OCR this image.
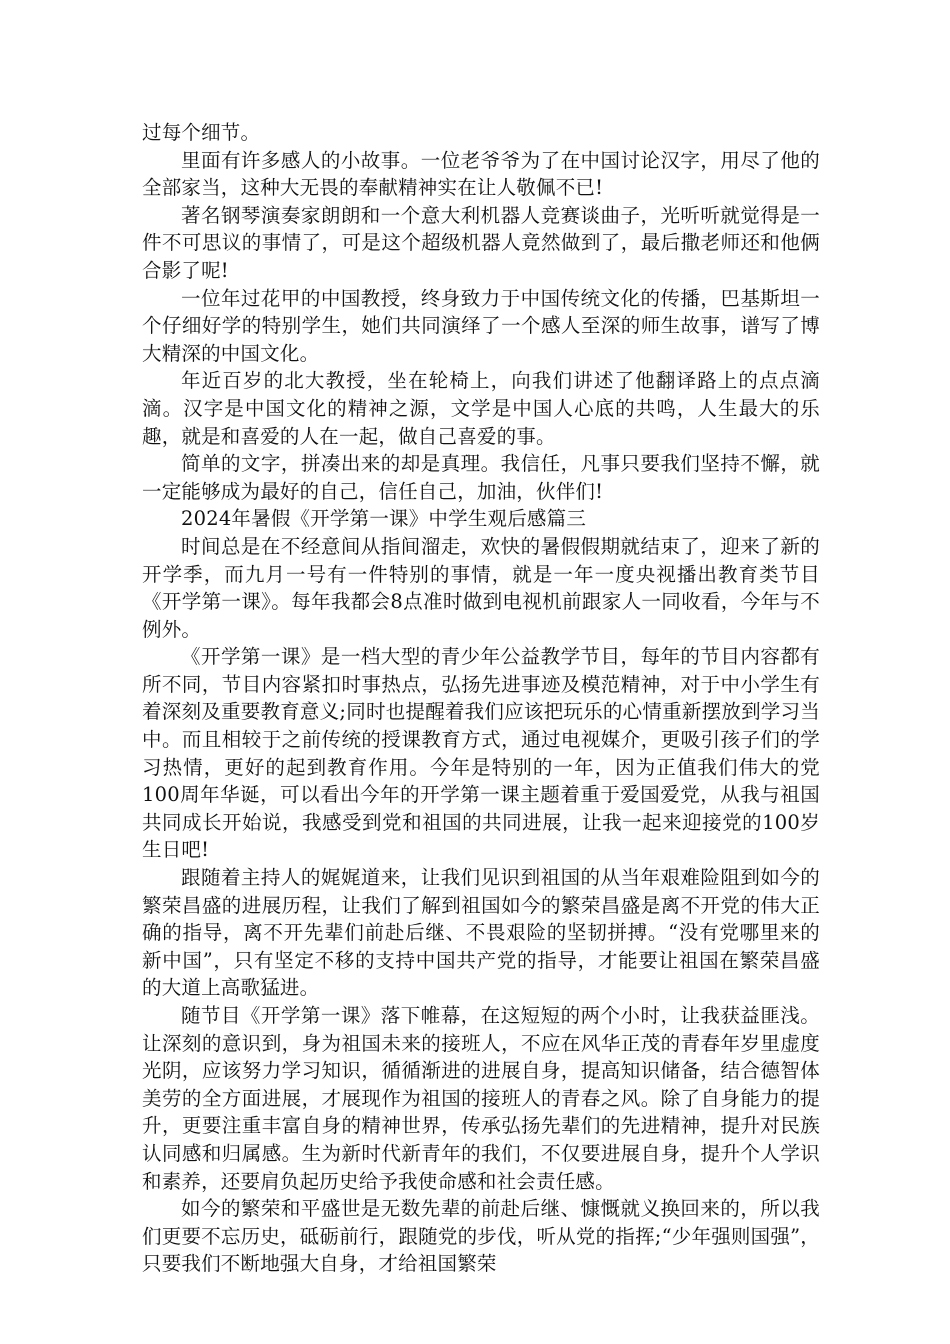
过每个细节。

里面有许多感人的小故事。一位老爷爷为了在中国讨论汉字，用尽了他的全部家当，这种大无畏的奉献精神实在让人敬佩不已!

著名钢琴演奏家朗朗和一个意大利机器人竞赛谈曲子，光听听就觉得是一件不可思议的事情了，可是这个超级机器人竟然做到了，最后撒老师还和他俩合影了呢!

一位年过花甲的中国教授，终身致力于中国传统文化的传播，巴基斯坦一个仔细好学的特别学生，她们共同演绎了一个感人至深的师生故事，谱写了博大精深的中国文化。

年近百岁的北大教授，坐在轮椅上，向我们讲述了他翻译路上的点点滴滴。汉字是中国文化的精神之源，文学是中国人心底的共鸣，人生最大的乐趣，就是和喜爱的人在一起，做自己喜爱的事。

简单的文字，拼凑出来的却是真理。我信任，凡事只要我们坚持不懈，就一定能够成为最好的自己，信任自己，加油，伙伴们!

2024年暑假《开学第一课》中学生观后感篇三

时间总是在不经意间从指间溜走，欢快的暑假假期就结束了，迎来了新的开学季，而九月一号有一件特别的事情，就是一年一度央视播出教育类节目《开学第一课》。每年我都会8点准时做到电视机前跟家人一同收看，今年与不例外。

《开学第一课》是一档大型的青少年公益教学节目，每年的节目内容都有所不同，节目内容紧扣时事热点，弘扬先进事迹及模范精神，对于中小学生有着深刻及重要教育意义;同时也提醒着我们应该把玩乐的心情重新摆放到学习当中。而且相较于之前传统的授课教育方式，通过电视媒介，更吸引孩子们的学习热情，更好的起到教育作用。今年是特别的一年，因为正值我们伟大的党100周年华诞，可以看出今年的开学第一课主题着重于爱国爱党，从我与祖国共同成长开始说，我感受到党和祖国的共同进展，让我一起来迎接党的100岁生日吧!

跟随着主持人的娓娓道来，让我们见识到祖国的从当年艰难险阻到如今的繁荣昌盛的进展历程，让我们了解到祖国如今的繁荣昌盛是离不开党的伟大正确的指导，离不开先辈们前赴后继、不畏艰险的坚韧拼搏。“没有党哪里来的新中国”，只有坚定不移的支持中国共产党的指导，才能要让祖国在繁荣昌盛的大道上高歌猛进。

随节目《开学第一课》落下帷幕，在这短短的两个小时，让我获益匪浅。让深刻的意识到，身为祖国未来的接班人，不应在风华正茂的青春年岁里虚度光阴，应该努力学习知识，循循渐进的进展自身，提高知识储备，结合德智体美劳的全方面进展，才展现作为祖国的接班人的青春之风。除了自身能力的提升，更要注重丰富自身的精神世界，传承弘扬先辈们的先进精神，提升对民族认同感和归属感。生为新时代新青年的我们，不仅要进展自身，提升个人学识和素养，还要肩负起历史给予我使命感和社会责任感。

如今的繁荣和平盛世是无数先辈的前赴后继、慷慨就义换回来的，所以我们更要不忘历史，砥砺前行，跟随党的步伐，听从党的指挥;“少年强则国强”，只要我们不断地强大自身，才给祖国繁荣
